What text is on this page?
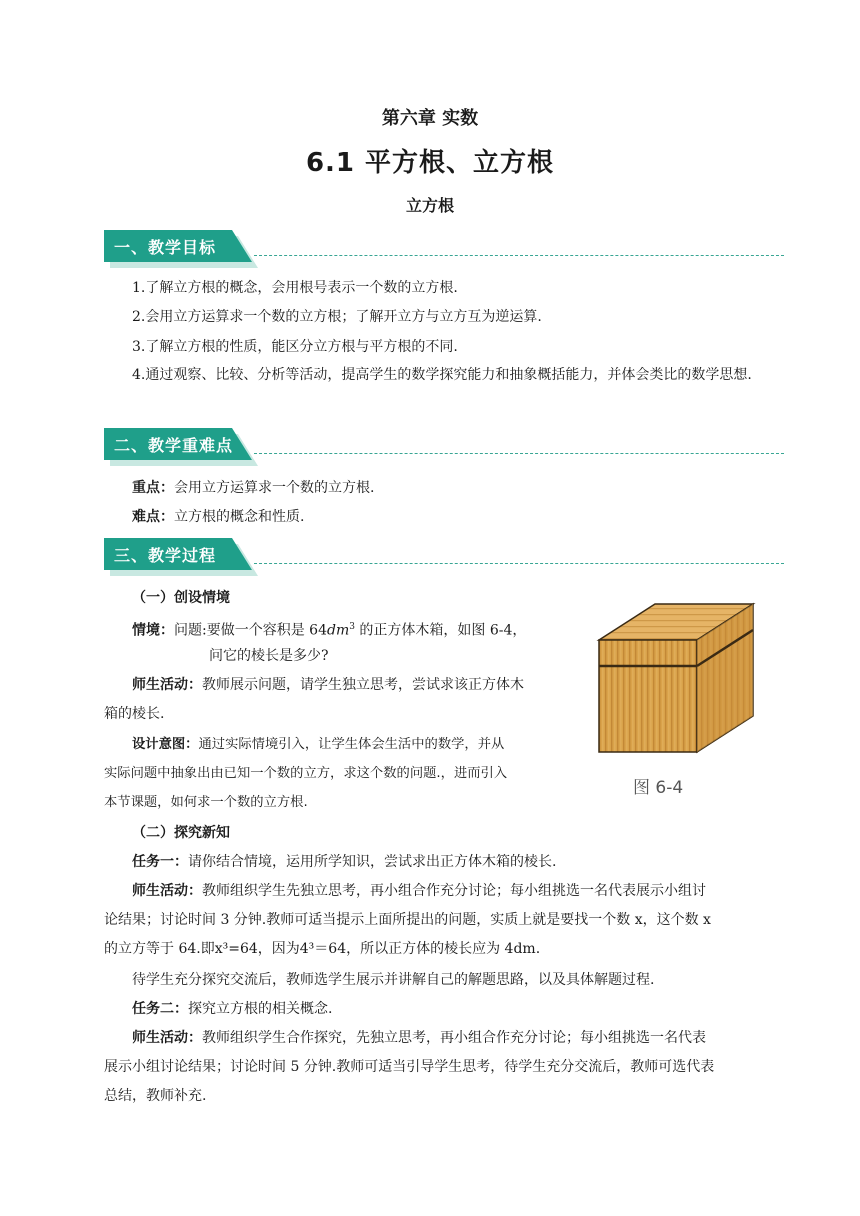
第六章 实数
6.1 平方根、立方根
立方根
一、教学目标
1.了解立方根的概念，会用根号表示一个数的立方根.
2.会用立方运算求一个数的立方根；了解开立方与立方互为逆运算.
3.了解立方根的性质，能区分立方根与平方根的不同.
4.通过观察、比较、分析等活动，提高学生的数学探究能力和抽象概括能力，并体会类比的数学思想.
二、教学重难点
重点：会用立方运算求一个数的立方根.
难点：立方根的概念和性质.
三、教学过程
（一）创设情境
情境：问题:要做一个容积是 $64dm^3$ 的正方体木箱，如图 6-4，
问它的棱长是多少?
师生活动：教师展示问题，请学生独立思考，尝试求该正方体木
箱的棱长.
设计意图：通过实际情境引入，让学生体会生活中的数学，并从
实际问题中抽象出由已知一个数的立方，求这个数的问题.，进而引入
本节课题，如何求一个数的立方根.
图 6-4
（二）探究新知
任务一：请你结合情境，运用所学知识，尝试求出正方体木箱的棱长.
师生活动：教师组织学生先独立思考，再小组合作充分讨论；每小组挑选一名代表展示小组讨
论结果；讨论时间 3 分钟.教师可适当提示上面所提出的问题，实质上就是要找一个数 x，这个数 x
的立方等于 64.即x³=64，因为4³＝64，所以正方体的棱长应为 4dm.
待学生充分探究交流后，教师选学生展示并讲解自己的解题思路，以及具体解题过程.
任务二：探究立方根的相关概念.
师生活动：教师组织学生合作探究，先独立思考，再小组合作充分讨论；每小组挑选一名代表
展示小组讨论结果；讨论时间 5 分钟.教师可适当引导学生思考，待学生充分交流后，教师可选代表
总结，教师补充.
